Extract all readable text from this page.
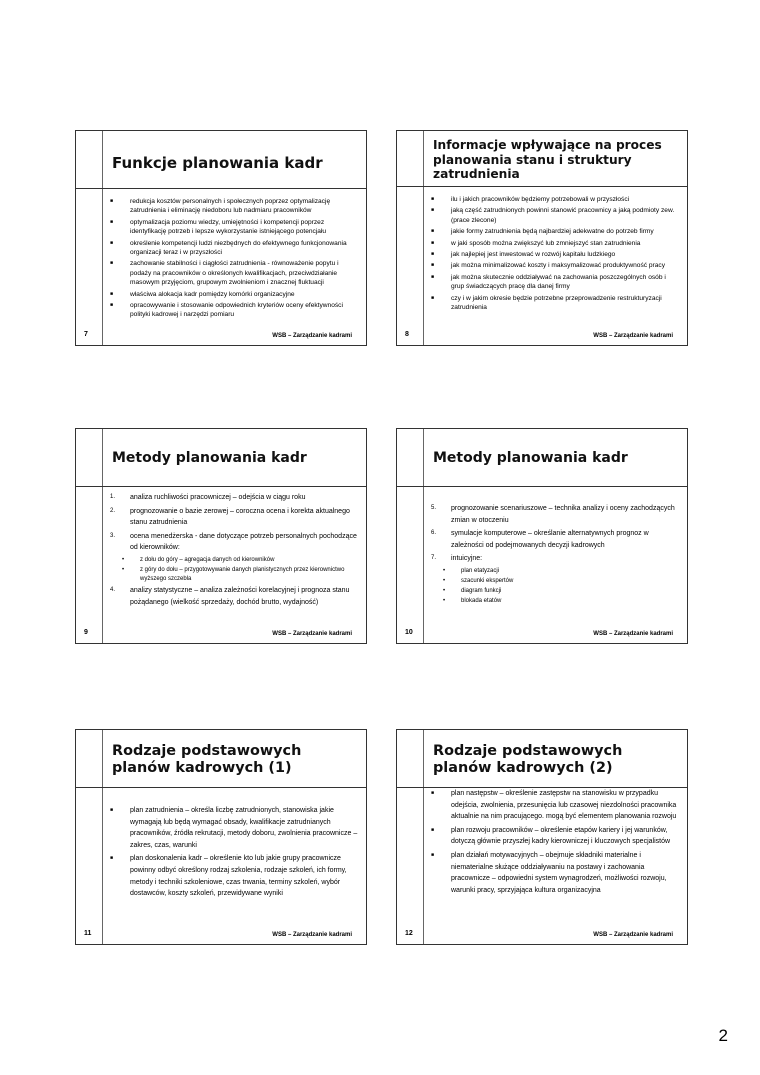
Funkcje planowania kadr
■	redukcja kosztów personalnych i społecznych poprzez optymalizację zatrudnienia i eliminację niedoboru lub nadmiaru pracowników
■	optymalizacja poziomu wiedzy, umiejętności i kompetencji poprzez identyfikację potrzeb i lepsze wykorzystanie istniejącego potencjału
■	określenie kompetencji ludzi niezbędnych do efektywnego funkcjonowania organizacji teraz i w przyszłości
■	zachowanie stabilności i ciągłości zatrudnienia - równoważenie popytu i podaży na pracowników o określonych kwalifikacjach, przeciwdziałanie masowym przyjęciom, grupowym zwolnieniom i znacznej fluktuacji
■	właściwa alokacja kadr pomiędzy komórki organizacyjne
■	opracowywanie i stosowanie odpowiednich kryteriów oceny efektywności polityki kadrowej i narzędzi pomiaru
7	WSB – Zarządzanie kadrami
Informacje wpływające na proces planowania stanu i struktury zatrudnienia
■	ilu i jakich pracowników będziemy potrzebowali w przyszłości
■	jaką część zatrudnionych powinni stanowić pracownicy a jaką podmioty zew. (prace zlecone)
■	jakie formy zatrudnienia będą najbardziej adekwatne do potrzeb firmy
■	w jaki sposób można zwiększyć lub zmniejszyć stan zatrudnienia
■	jak najlepiej jest inwestować w rozwój kapitału ludzkiego
■	jak można minimalizować koszty i maksymalizować produktywność pracy
■	jak można skutecznie oddziaływać na zachowania poszczególnych osób i grup świadczących pracę dla danej firmy
■	czy i w jakim okresie będzie potrzebne przeprowadzenie restrukturyzacji zatrudnienia
8	WSB – Zarządzanie kadrami
Metody planowania kadr
1. analiza ruchliwości pracowniczej – odejścia w ciągu roku
2. prognozowanie o bazie zerowej – coroczna ocena i korekta aktualnego stanu zatrudnienia
3. ocena menedżerska - dane dotyczące potrzeb personalnych pochodzące od kierowników:
•	z dołu do góry – agregacja danych od kierowników
•	z góry do dołu – przygotowywanie danych planistycznych przez kierownictwo wyższego szczebla
4. analizy statystyczne – analiza zależności korelacyjnej i prognoza stanu pożądanego (wielkość sprzedaży, dochód brutto, wydajność)
9	WSB – Zarządzanie kadrami
Metody planowania kadr
5. prognozowanie scenariuszowe – technika analizy i oceny zachodzących zmian w otoczeniu
6. symulacje komputerowe – określanie alternatywnych prognoz w zależności od podejmowanych decyzji kadrowych
7. intuicyjne:
•	plan etatyzacji
•	szacunki ekspertów
•	diagram funkcji
•	blokada etatów
10	WSB – Zarządzanie kadrami
Rodzaje podstawowych planów kadrowych (1)
■ plan zatrudnienia – określa liczbę zatrudnionych, stanowiska jakie wymagają lub będą wymagać obsady, kwalifikacje zatrudnianych pracowników, źródła rekrutacji, metody doboru, zwolnienia pracownicze – zakres, czas, warunki
■ plan doskonalenia kadr – określenie kto lub jakie grupy pracownicze powinny odbyć określony rodzaj szkolenia, rodzaje szkoleń, ich formy, metody i techniki szkoleniowe, czas trwania, terminy szkoleń, wybór dostawców, koszty szkoleń, przewidywane wyniki
11	WSB – Zarządzanie kadrami
Rodzaje podstawowych planów kadrowych (2)
■ plan następstw – określenie zastępstw na stanowisku w przypadku odejścia, zwolnienia, przesunięcia lub czasowej niezdolności pracownika aktualnie na nim pracującego. mogą być elementem planowania rozwoju
■ plan rozwoju pracowników – określenie etapów kariery i jej warunków, dotyczą głównie przyszłej kadry kierowniczej i kluczowych specjalistów
■ plan działań motywacyjnych – obejmuje składniki materialne i niematerialne służące oddziaływaniu na postawy i zachowania pracownicze – odpowiedni system wynagrodzeń, możliwości rozwoju, warunki pracy, sprzyjająca kultura organizacyjna
12	WSB – Zarządzanie kadrami
2
